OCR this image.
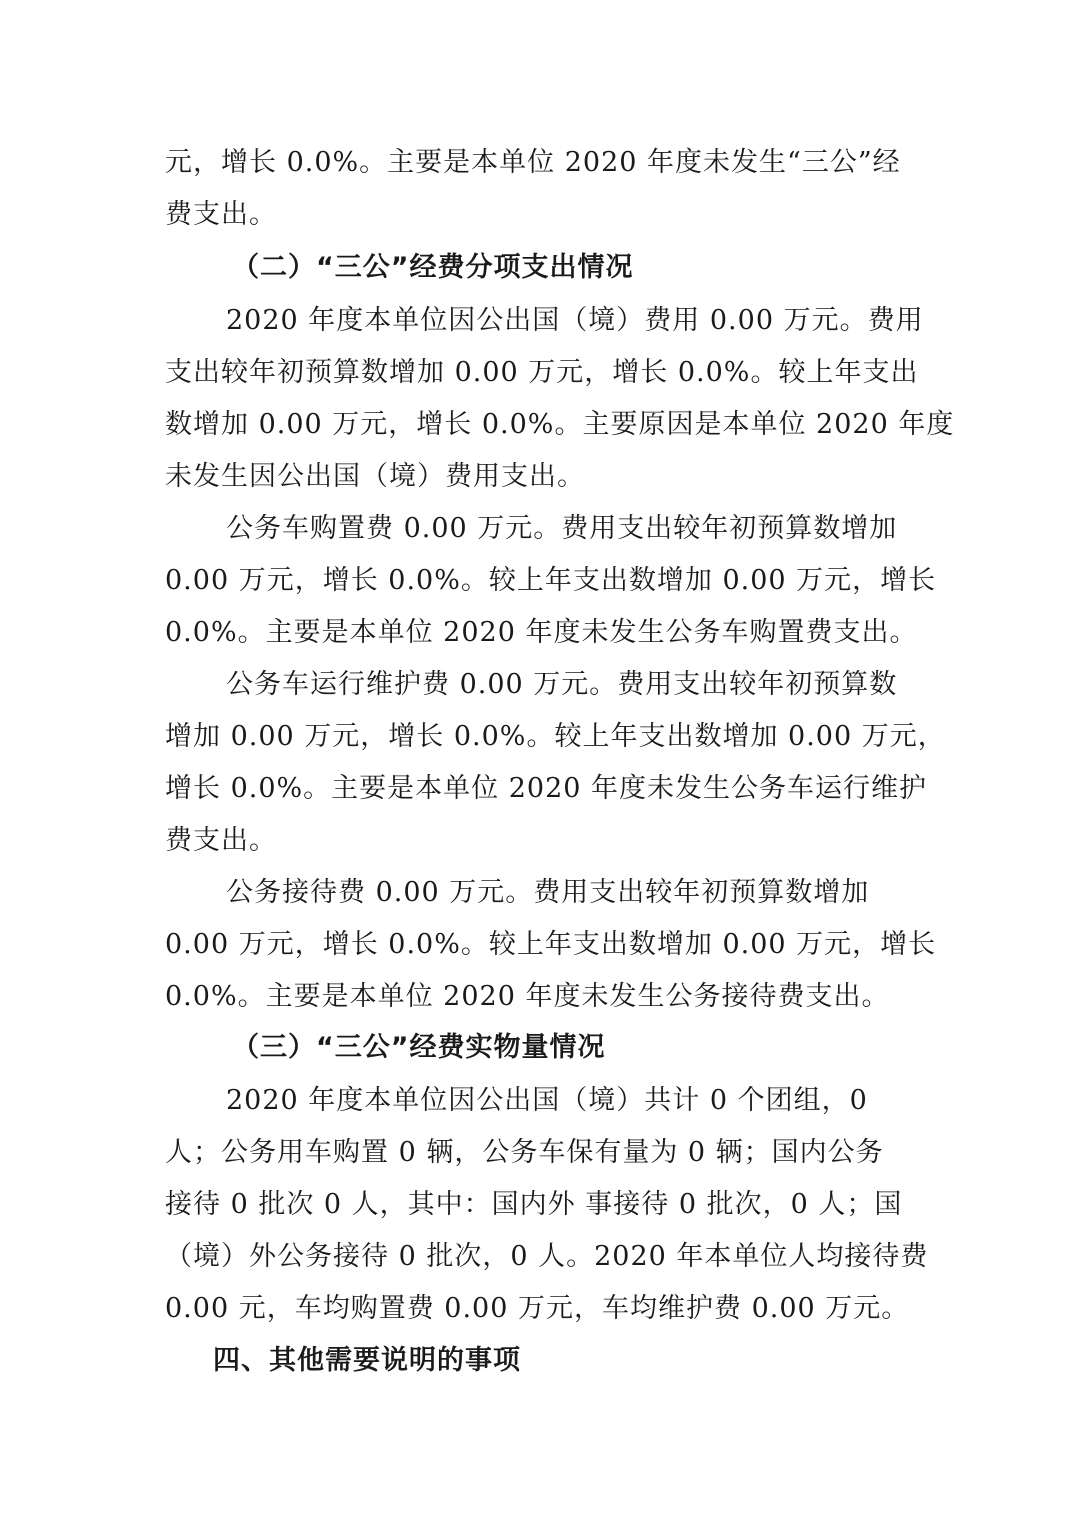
元，增长 0.0%。主要是本单位 2020 年度未发生“三公”经
费支出。
（二）“三公”经费分项支出情况
2020 年度本单位因公出国（境）费用 0.00 万元。费用
支出较年初预算数增加 0.00 万元，增长 0.0%。较上年支出
数增加 0.00 万元，增长 0.0%。主要原因是本单位 2020 年度
未发生因公出国（境）费用支出。
公务车购置费 0.00 万元。费用支出较年初预算数增加
0.00 万元，增长 0.0%。较上年支出数增加 0.00 万元，增长
0.0%。主要是本单位 2020 年度未发生公务车购置费支出。
公务车运行维护费 0.00 万元。费用支出较年初预算数
增加 0.00 万元，增长 0.0%。较上年支出数增加 0.00 万元，
增长 0.0%。主要是本单位 2020 年度未发生公务车运行维护
费支出。
公务接待费 0.00 万元。费用支出较年初预算数增加
0.00 万元，增长 0.0%。较上年支出数增加 0.00 万元，增长
0.0%。主要是本单位 2020 年度未发生公务接待费支出。
（三）“三公”经费实物量情况
2020 年度本单位因公出国（境）共计 0 个团组，0
人；公务用车购置 0 辆，公务车保有量为 0 辆；国内公务
接待 0 批次 0 人，其中：国内外 事接待 0 批次，0 人；国
（境）外公务接待 0 批次，0 人。2020 年本单位人均接待费
0.00 元，车均购置费 0.00 万元，车均维护费 0.00 万元。
四、其他需要说明的事项
